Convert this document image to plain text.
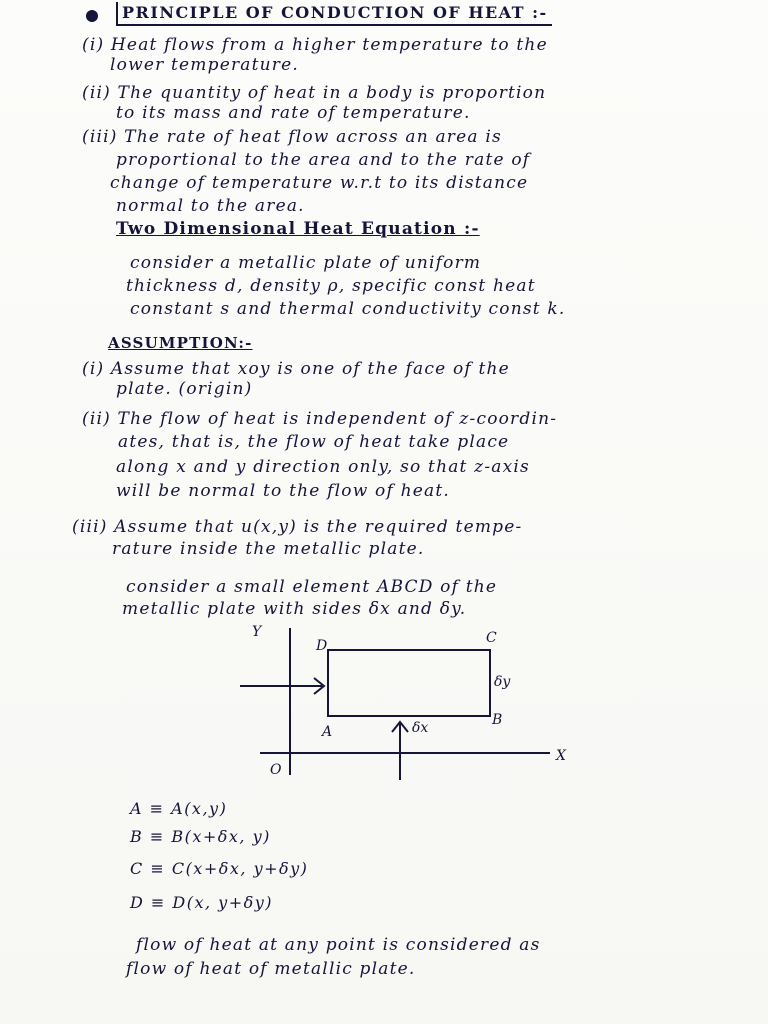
PRINCIPLE OF CONDUCTION OF HEAT :-
(i) Heat flows from a higher temperature to the
lower temperature.
(ii) The quantity of heat in a body is proportion
to its mass and rate of temperature.
(iii) The rate of heat flow across an area is
proportional to the area and to the rate of
change of temperature w.r.t to its distance
normal to the area.
Two Dimensional Heat Equation :-
consider a metallic plate of uniform
thickness d, density ρ, specific const heat
constant s and thermal conductivity const k.
ASSUMPTION:-
(i) Assume that xoy is one of the face of the
plate. (origin)
(ii) The flow of heat is independent of z-coordin-
ates, that is, the flow of heat take place
along x and y direction only, so that z-axis
will be normal to the flow of heat.
(iii) Assume that u(x,y) is the required tempe-
rature inside the metallic plate.
consider a small element ABCD of the
metallic plate with sides δx and δy.
Y
X
O
D	C
A
B
δx
δy
A ≡ A(x,y)
B ≡ B(x+δx, y)
C ≡ C(x+δx, y+δy)
D ≡ D(x, y+δy)
flow of heat at any point is considered as
flow of heat of metallic plate.
